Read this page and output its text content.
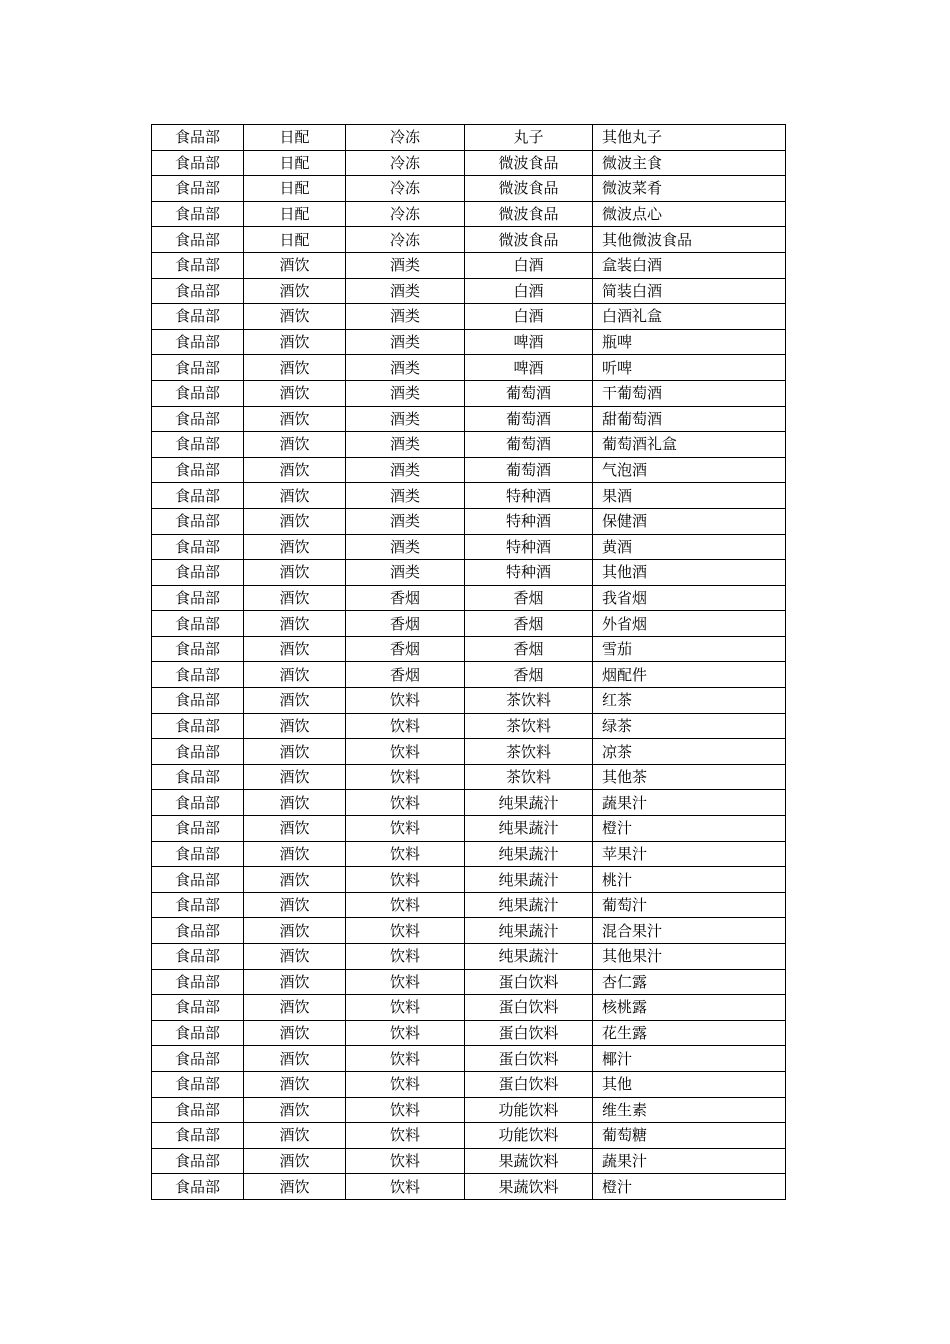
食品部	日配	冷冻	丸子	其他丸子
食品部	日配	冷冻	微波食品	微波主食
食品部	日配	冷冻	微波食品	微波菜肴
食品部	日配	冷冻	微波食品	微波点心
食品部	日配	冷冻	微波食品	其他微波食品
食品部	酒饮	酒类	白酒	盒装白酒
食品部	酒饮	酒类	白酒	简装白酒
食品部	酒饮	酒类	白酒	白酒礼盒
食品部	酒饮	酒类	啤酒	瓶啤
食品部	酒饮	酒类	啤酒	听啤
食品部	酒饮	酒类	葡萄酒	干葡萄酒
食品部	酒饮	酒类	葡萄酒	甜葡萄酒
食品部	酒饮	酒类	葡萄酒	葡萄酒礼盒
食品部	酒饮	酒类	葡萄酒	气泡酒
食品部	酒饮	酒类	特种酒	果酒
食品部	酒饮	酒类	特种酒	保健酒
食品部	酒饮	酒类	特种酒	黄酒
食品部	酒饮	酒类	特种酒	其他酒
食品部	酒饮	香烟	香烟	我省烟
食品部	酒饮	香烟	香烟	外省烟
食品部	酒饮	香烟	香烟	雪茄
食品部	酒饮	香烟	香烟	烟配件
食品部	酒饮	饮料	茶饮料	红茶
食品部	酒饮	饮料	茶饮料	绿茶
食品部	酒饮	饮料	茶饮料	凉茶
食品部	酒饮	饮料	茶饮料	其他茶
食品部	酒饮	饮料	纯果蔬汁	蔬果汁
食品部	酒饮	饮料	纯果蔬汁	橙汁
食品部	酒饮	饮料	纯果蔬汁	苹果汁
食品部	酒饮	饮料	纯果蔬汁	桃汁
食品部	酒饮	饮料	纯果蔬汁	葡萄汁
食品部	酒饮	饮料	纯果蔬汁	混合果汁
食品部	酒饮	饮料	纯果蔬汁	其他果汁
食品部	酒饮	饮料	蛋白饮料	杏仁露
食品部	酒饮	饮料	蛋白饮料	核桃露
食品部	酒饮	饮料	蛋白饮料	花生露
食品部	酒饮	饮料	蛋白饮料	椰汁
食品部	酒饮	饮料	蛋白饮料	其他
食品部	酒饮	饮料	功能饮料	维生素
食品部	酒饮	饮料	功能饮料	葡萄糖
食品部	酒饮	饮料	果蔬饮料	蔬果汁
食品部	酒饮	饮料	果蔬饮料	橙汁
